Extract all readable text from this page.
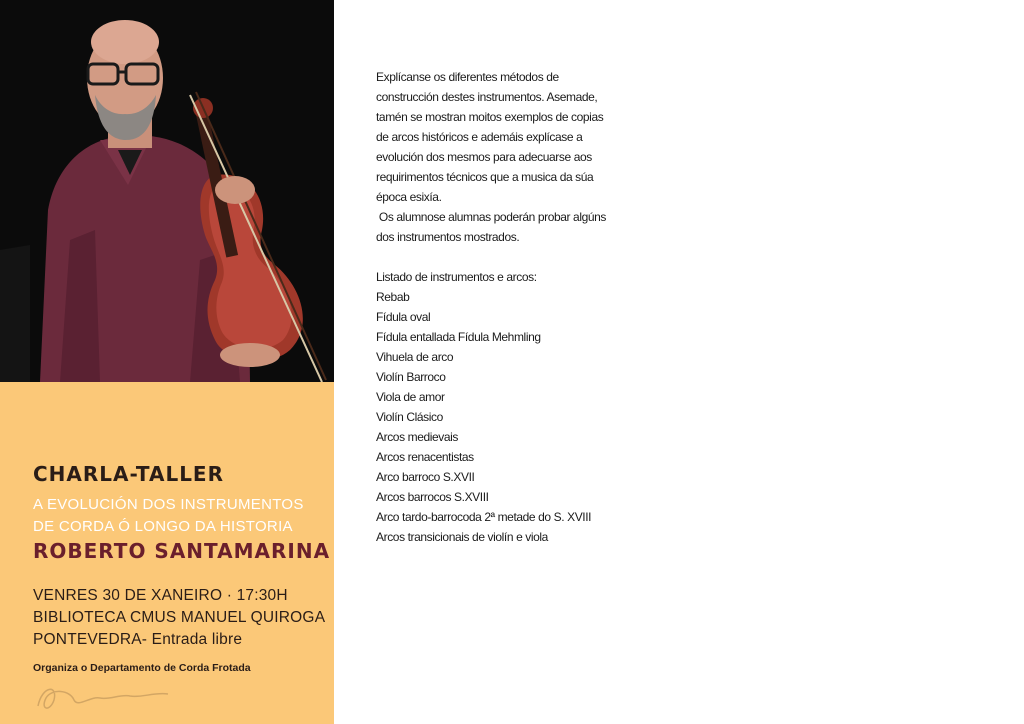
CHARLA-TALLER
A EVOLUCIÓN DOS INSTRUMENTOS DE CORDA Ó LONGO DA HISTORIA
ROBERTO SANTAMARINA
VENRES 30 DE XANEIRO · 17:30H
BIBLIOTECA CMUS MANUEL QUIROGA
PONTEVEDRA- Entrada libre
Organiza o Departamento de Corda Frotada
Explícanse os diferentes métodos de
construcción destes instrumentos. Asemade,
tamén se mostran moitos exemplos de copias
de arcos históricos e ademáis explícase a
evolución dos mesmos para adecuarse aos
requirimentos técnicos que a musica da súa
época esixía.
Os alumnose alumnas poderán probar algúns
dos instrumentos mostrados.
Listado de instrumentos e arcos:
Rebab
Fídula oval
Fídula entallada Fídula Mehmling
Vihuela de arco
Violín Barroco
Viola de amor
Violín Clásico
Arcos medievais
Arcos renacentistas
Arco barroco S.XVII
Arcos barrocos S.XVIII
Arco tardo-barrocoda 2ª metade do S. XVIII
Arcos transicionais de violín e viola
